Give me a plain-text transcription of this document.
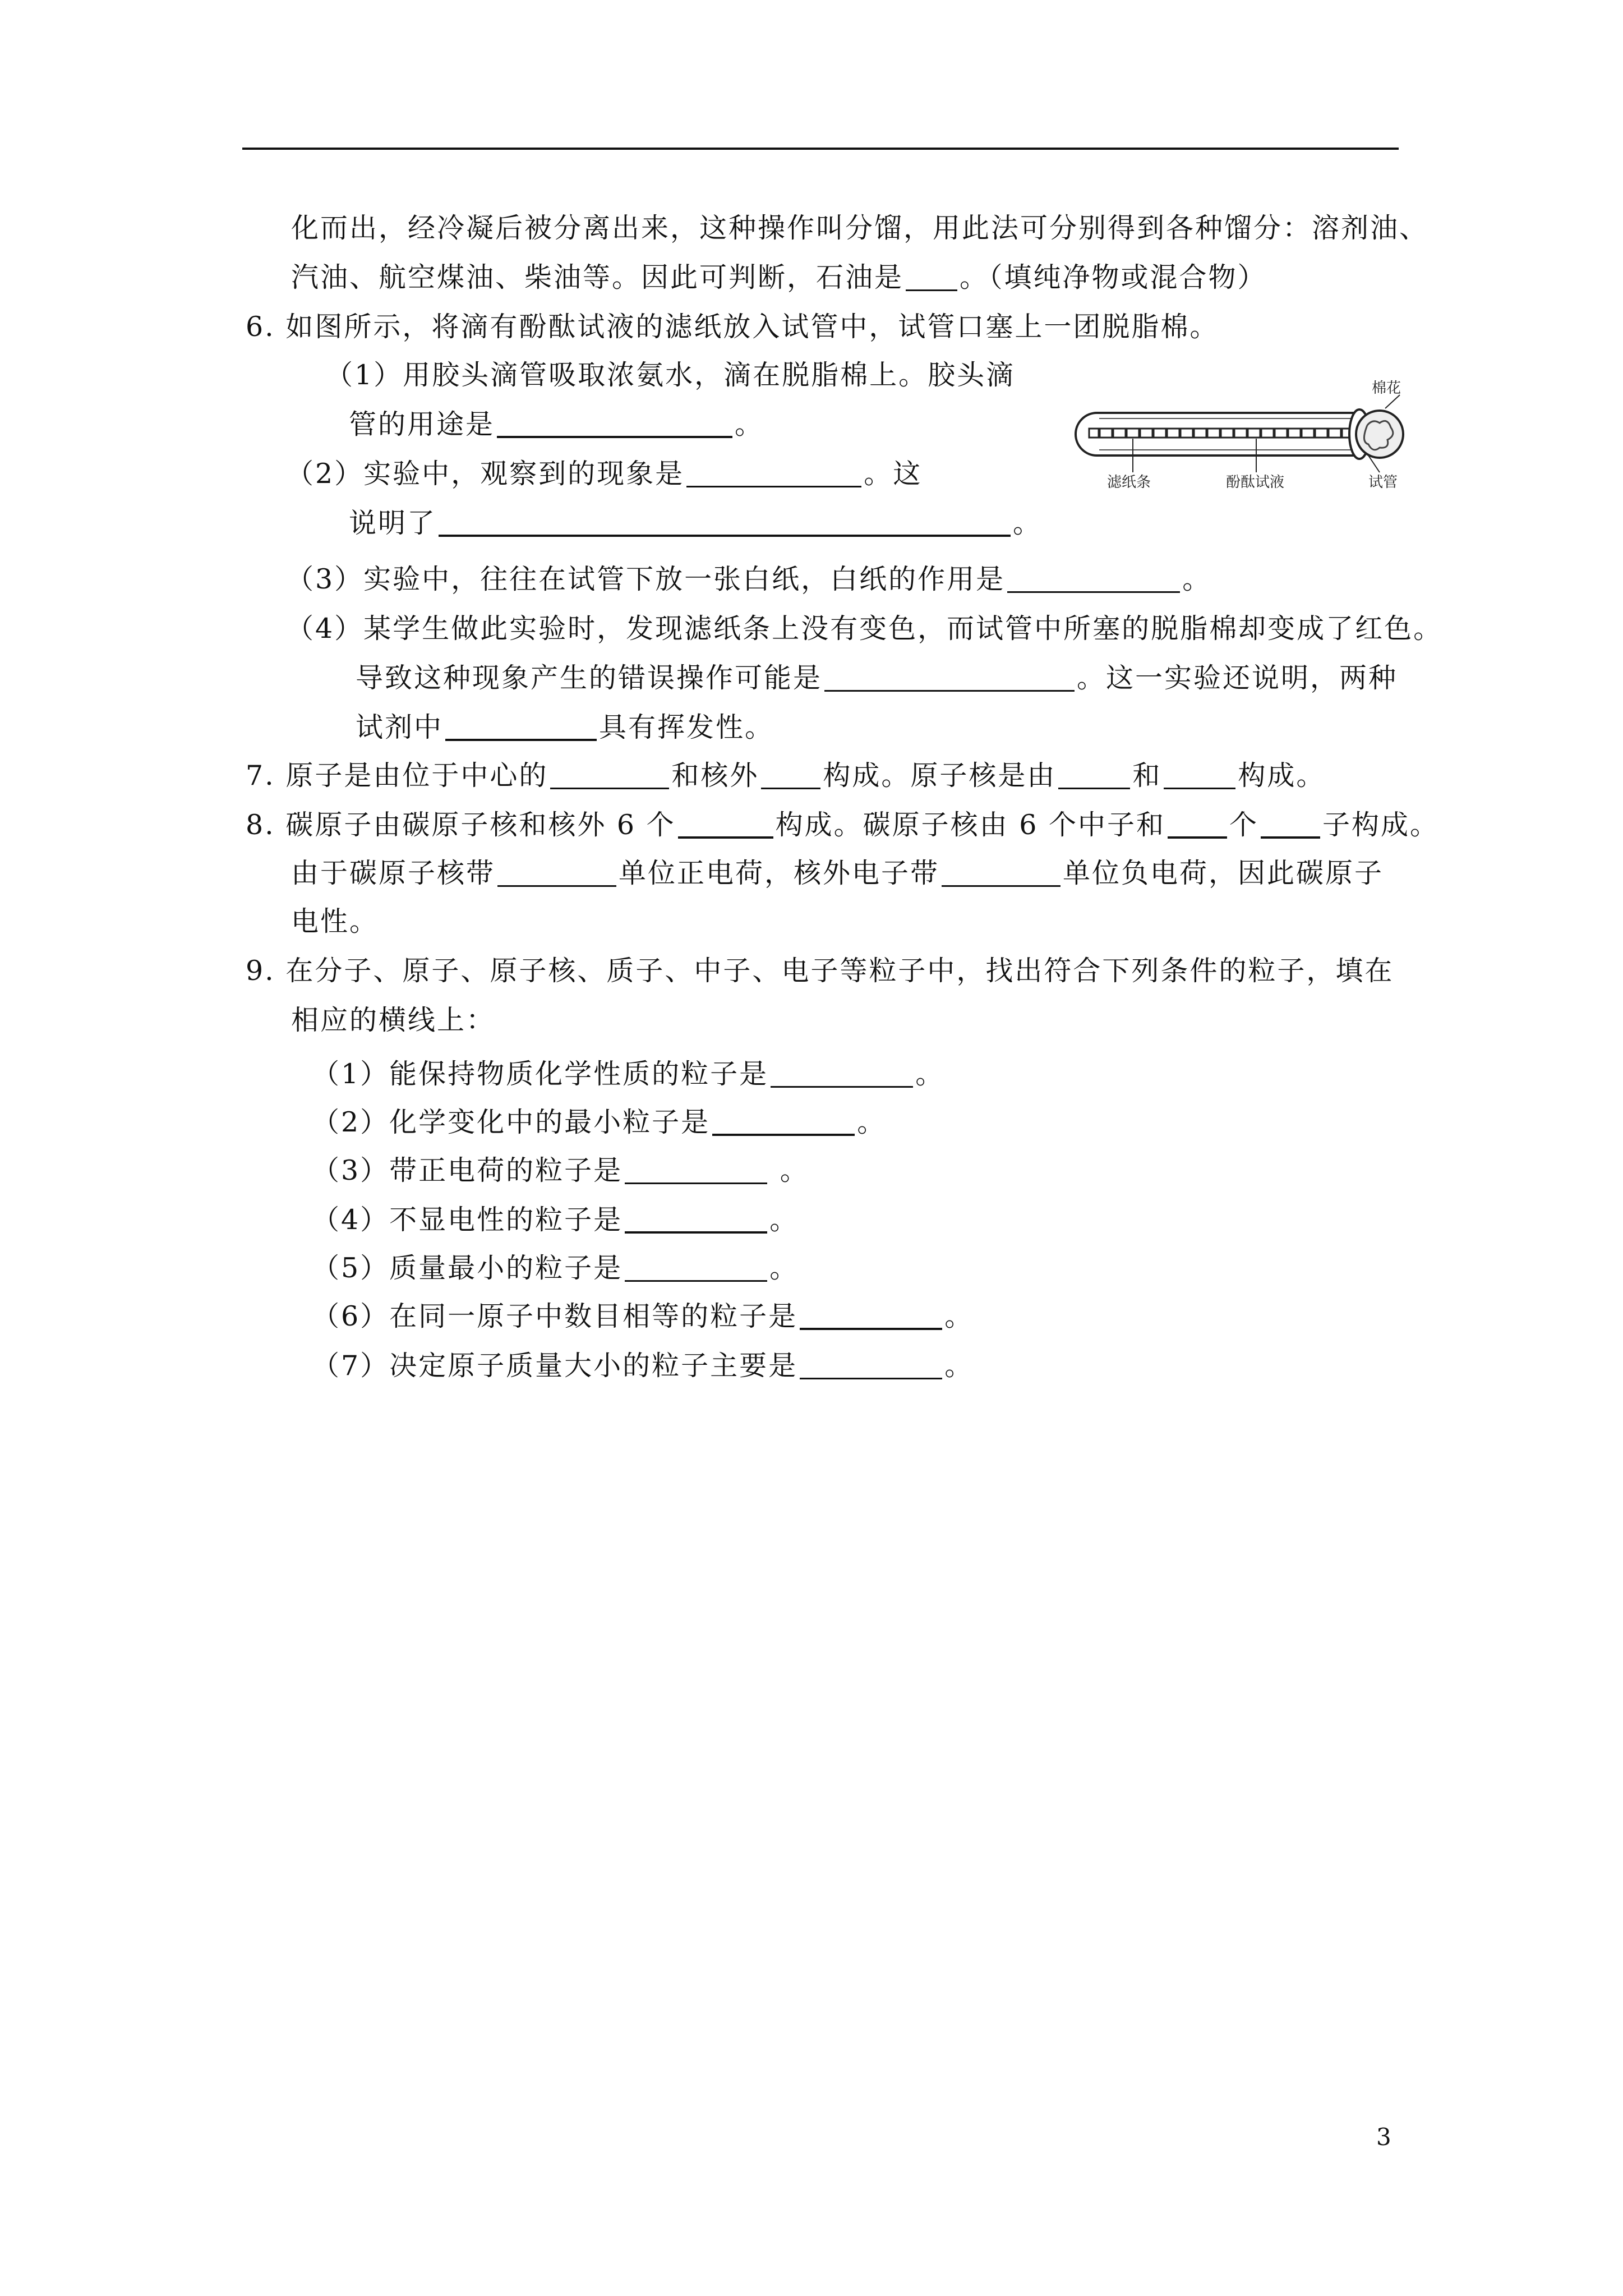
化而出，经冷凝后被分离出来，这种操作叫分馏，用此法可分别得到各种馏分：溶剂油、
汽油、航空煤油、柴油等。因此可判断，石油是 。（填纯净物或混合物）
6. 如图所示，将滴有酚酞试液的滤纸放入试管中，试管口塞上一团脱脂棉。
（1）用胶头滴管吸取浓氨水，滴在脱脂棉上。胶头滴
管的用途是	。
（2）实验中，观察到的现象是	。这
说明了	。
（3）实验中，往往在试管下放一张白纸，白纸的作用是	。
（4）某学生做此实验时，发现滤纸条上没有变色，而试管中所塞的脱脂棉却变成了红色。
导致这种现象产生的错误操作可能是	。这一实验还说明，两种
试剂中	具有挥发性。
7. 原子是由位于中心的	和核外 构成。原子核是由	和	构成。
8. 碳原子由碳原子核和核外 6 个	构成。碳原子核由 6 个中子和 个 子构成。
由于碳原子核带	单位正电荷，核外电子带	单位负电荷，因此碳原子
电性。
9. 在分子、原子、原子核、质子、中子、电子等粒子中，找出符合下列条件的粒子，填在
相应的横线上：
（1）能保持物质化学性质的粒子是	。
（2）化学变化中的最小粒子是	。
（3）带正电荷的粒子是	。
（4）不显电性的粒子是	。
（5）质量最小的粒子是	。
（6）在同一原子中数目相等的粒子是	。
（7）决定原子质量大小的粒子主要是	。
棉花
滤纸条	酚酞试液	试管
3
